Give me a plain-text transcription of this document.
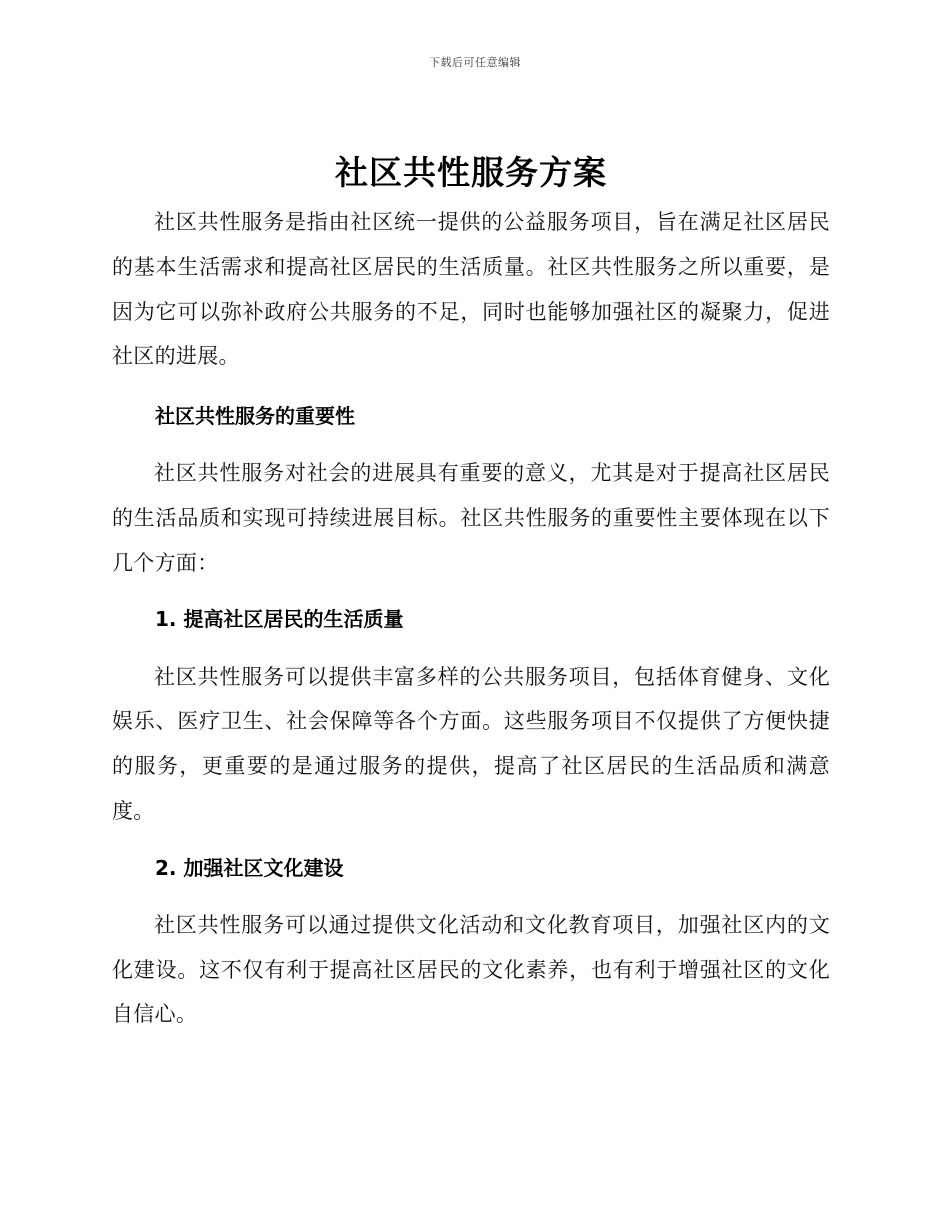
下载后可任意编辑
社区共性服务方案

社区共性服务是指由社区统一提供的公益服务项目，旨在满足社区居民的基本生活需求和提高社区居民的生活质量。社区共性服务之所以重要，是因为它可以弥补政府公共服务的不足，同时也能够加强社区的凝聚力，促进社区的进展。

社区共性服务的重要性

社区共性服务对社会的进展具有重要的意义，尤其是对于提高社区居民的生活品质和实现可持续进展目标。社区共性服务的重要性主要体现在以下几个方面：

1. 提高社区居民的生活质量

社区共性服务可以提供丰富多样的公共服务项目，包括体育健身、文化娱乐、医疗卫生、社会保障等各个方面。这些服务项目不仅提供了方便快捷的服务，更重要的是通过服务的提供，提高了社区居民的生活品质和满意度。

2. 加强社区文化建设

社区共性服务可以通过提供文化活动和文化教育项目，加强社区内的文化建设。这不仅有利于提高社区居民的文化素养，也有利于增强社区的文化自信心。
